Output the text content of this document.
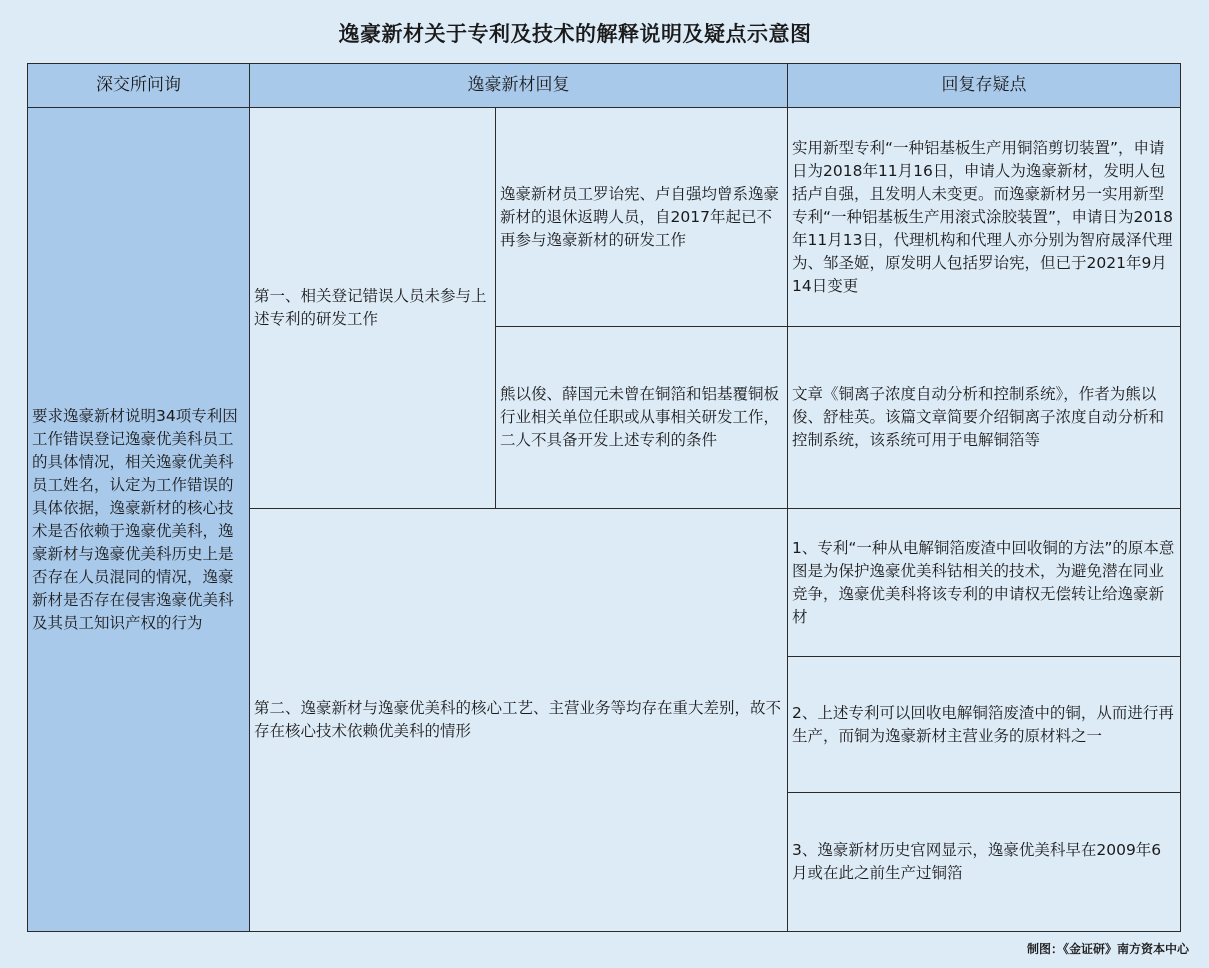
逸豪新材关于专利及技术的解释说明及疑点示意图
深交所问询	逸豪新材回复	回复存疑点
要求逸豪新材说明34项专利因工作错误登记逸豪优美科员工的具体情况，相关逸豪优美科员工姓名，认定为工作错误的具体依据，逸豪新材的核心技术是否依赖于逸豪优美科，逸豪新材与逸豪优美科历史上是否存在人员混同的情况，逸豪新材是否存在侵害逸豪优美科及其员工知识产权的行为
第一、相关登记错误人员未参与上述专利的研发工作
逸豪新材员工罗诒宪、卢自强均曾系逸豪新材的退休返聘人员，自2017年起已不再参与逸豪新材的研发工作
熊以俊、薛国元未曾在铜箔和铝基覆铜板行业相关单位任职或从事相关研发工作，二人不具备开发上述专利的条件
第二、逸豪新材与逸豪优美科的核心工艺、主营业务等均存在重大差别，故不存在核心技术依赖优美科的情形
实用新型专利“一种铝基板生产用铜箔剪切装置”，申请日为2018年11月16日，申请人为逸豪新材，发明人包括卢自强，且发明人未变更。而逸豪新材另一实用新型专利“一种铝基板生产用滚式涂胶装置”，申请日为2018年11月13日，代理机构和代理人亦分别为智府晟泽代理为、邹圣姬，原发明人包括罗诒宪，但已于2021年9月14日变更
文章《铜离子浓度自动分析和控制系统》，作者为熊以俊、舒桂英。该篇文章简要介绍铜离子浓度自动分析和控制系统，该系统可用于电解铜箔等
1、专利“一种从电解铜箔废渣中回收铜的方法”的原本意图是为保护逸豪优美科钴相关的技术，为避免潜在同业竞争，逸豪优美科将该专利的申请权无偿转让给逸豪新材
2、上述专利可以回收电解铜箔废渣中的铜，从而进行再生产，而铜为逸豪新材主营业务的原材料之一
3、逸豪新材历史官网显示，逸豪优美科早在2009年6月或在此之前生产过铜箔
制图：《金证研》南方资本中心
